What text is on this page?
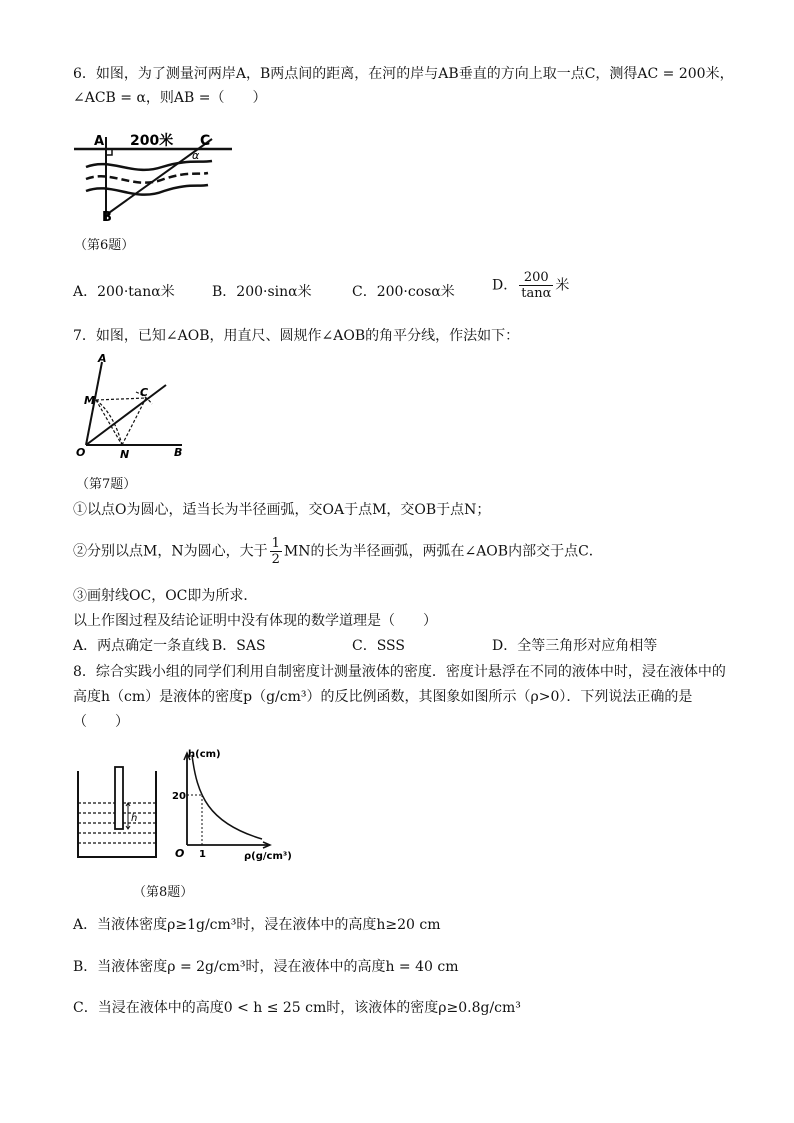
6．如图，为了测量河两岸A，B两点间的距离，在河的岸与AB垂直的方向上取一点C，测得AC = 200米，
∠ACB = α，则AB =（　　）
A 200米 C
α
B
（第6题）
A．200·tanα米	B．200·sinα米	C．200·cosα米	D． $\frac{200}{\tan\alpha}$ 米
7．如图，已知∠AOB，用直尺、圆规作∠AOB的角平分线，作法如下：
A
M
C
O	N	B
（第7题）
①以点O为圆心，适当长为半径画弧，交OA于点M，交OB于点N；
②分别以点M，N为圆心，大于 $\frac{1}{2}$ MN的长为半径画弧，两弧在∠AOB内部交于点C．
③画射线OC，OC即为所求．
以上作图过程及结论证明中没有体现的数学道理是（　　）
A．两点确定一条直线 B．SAS	C．SSS	D．全等三角形对应角相等
8．综合实践小组的同学们利用自制密度计测量液体的密度．密度计悬浮在不同的液体中时，浸在液体中的
高度h（cm）是液体的密度p（g/cm³）的反比例函数，其图象如图所示（ρ>0）．下列说法正确的是
（　　）
h
h(cm)
20
O 1	ρ(g/cm³)
（第8题）
A．当液体密度ρ≥1g/cm³时，浸在液体中的高度h≥20 cm
B．当液体密度ρ = 2g/cm³时，浸在液体中的高度h = 40 cm
C．当浸在液体中的高度0 < h ≤ 25 cm时，该液体的密度ρ≥0.8g/cm³
